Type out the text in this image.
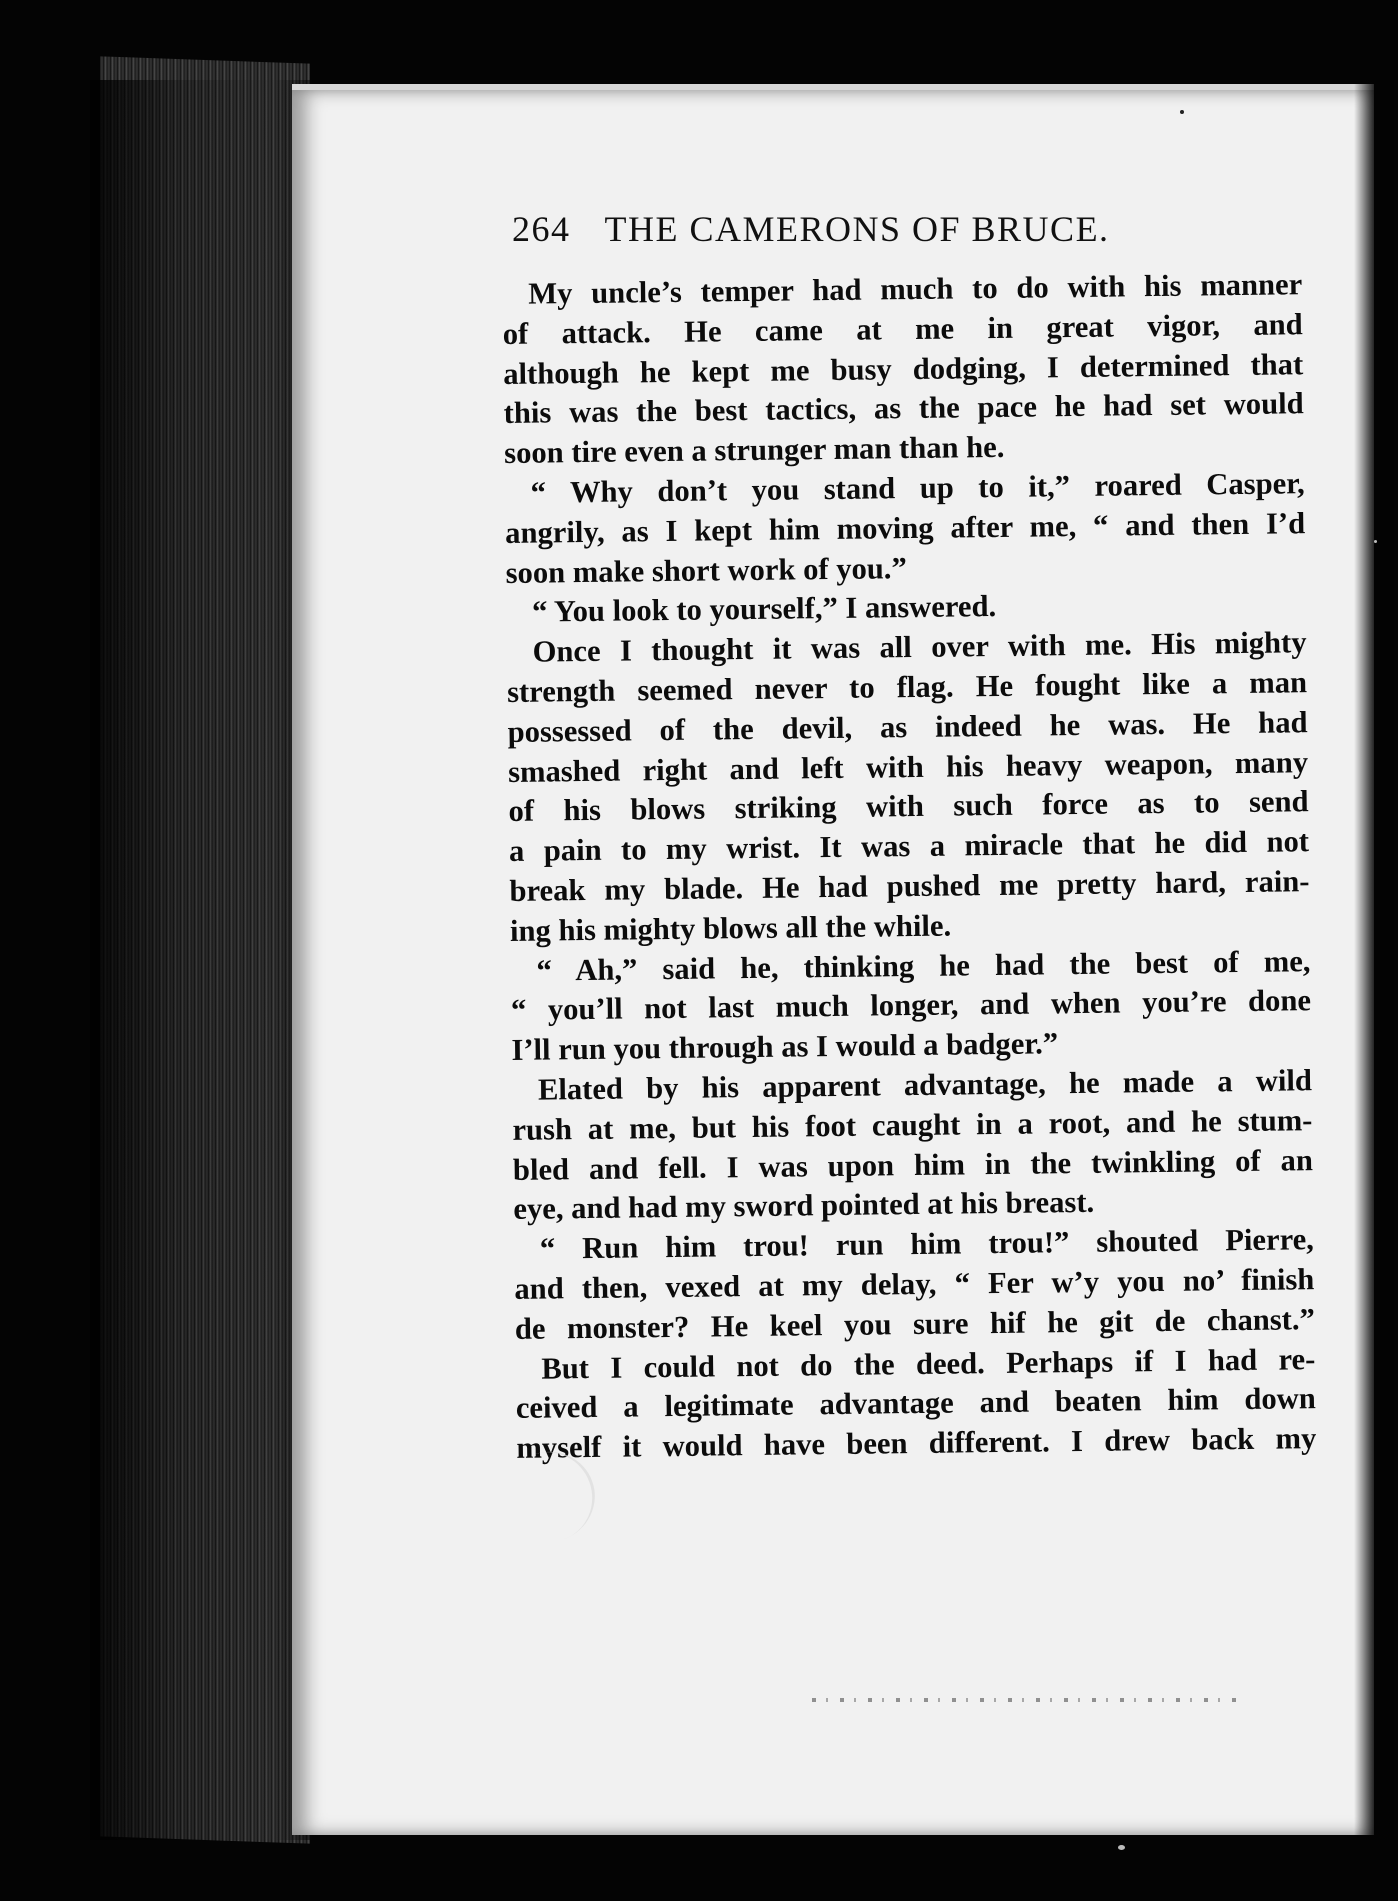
264 THE CAMERONS OF BRUCE.
My uncle’s temper had much to do with his manner
of attack. He came at me in great vigor, and
although he kept me busy dodging, I determined that
this was the best tactics, as the pace he had set would
soon tire even a strunger man than he.
“ Why don’t you stand up to it,” roared Casper,
angrily, as I kept him moving after me, “ and then I’d
soon make short work of you.”
“ You look to yourself,” I answered.
Once I thought it was all over with me. His mighty
strength seemed never to flag. He fought like a man
possessed of the devil, as indeed he was. He had
smashed right and left with his heavy weapon, many
of his blows striking with such force as to send
a pain to my wrist. It was a miracle that he did not
break my blade. He had pushed me pretty hard, rain-
ing his mighty blows all the while.
“ Ah,” said he, thinking he had the best of me,
“ you’ll not last much longer, and when you’re done
I’ll run you through as I would a badger.”
Elated by his apparent advantage, he made a wild
rush at me, but his foot caught in a root, and he stum-
bled and fell. I was upon him in the twinkling of an
eye, and had my sword pointed at his breast.
“ Run him trou! run him trou!” shouted Pierre,
and then, vexed at my delay, “ Fer w’y you no’ finish
de monster? He keel you sure hif he git de chanst.”
But I could not do the deed. Perhaps if I had re-
ceived a legitimate advantage and beaten him down
myself it would have been different. I drew back my
